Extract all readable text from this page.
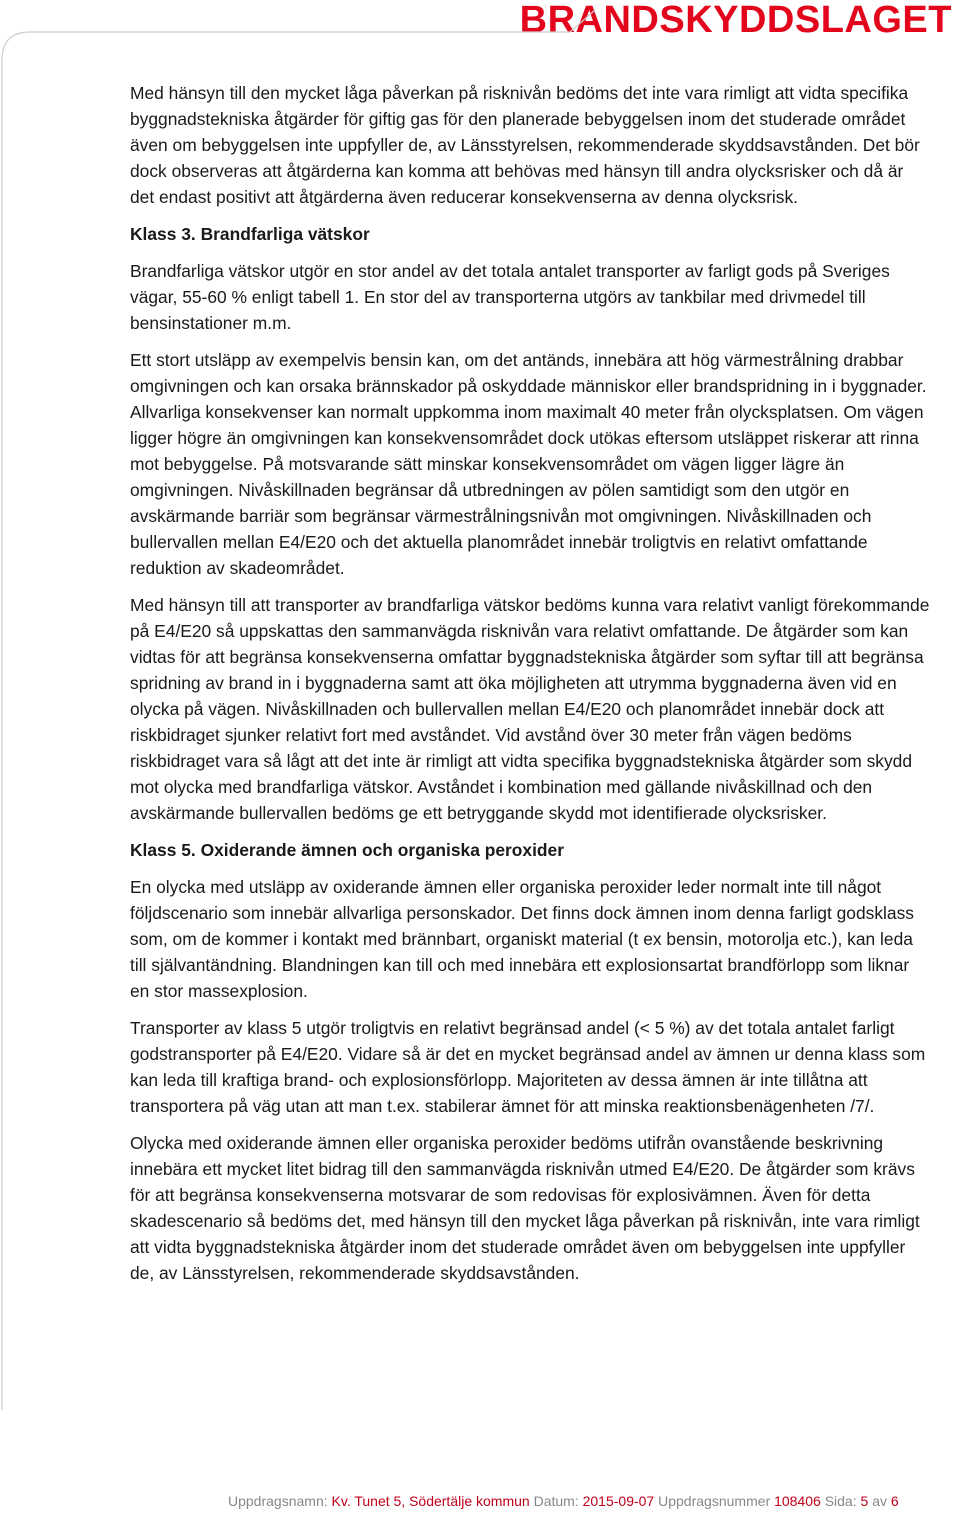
BRANDSKYDDSLAGET

Med hänsyn till den mycket låga påverkan på risknivån bedöms det inte vara rimligt att vidta specifika byggnadstekniska åtgärder för giftig gas för den planerade bebyggelsen inom det studerade området även om bebyggelsen inte uppfyller de, av Länsstyrelsen, rekommenderade skyddsavstånden. Det bör dock observeras att åtgärderna kan komma att behövas med hänsyn till andra olycksrisker och då är det endast positivt att åtgärderna även reducerar konsekvenserna av denna olycksrisk.

Klass 3. Brandfarliga vätskor

Brandfarliga vätskor utgör en stor andel av det totala antalet transporter av farligt gods på Sveriges vägar, 55-60 % enligt tabell 1. En stor del av transporterna utgörs av tankbilar med drivmedel till bensinstationer m.m.

Ett stort utsläpp av exempelvis bensin kan, om det antänds, innebära att hög värmestrålning drabbar omgivningen och kan orsaka brännskador på oskyddade människor eller brandspridning in i byggnader. Allvarliga konsekvenser kan normalt uppkomma inom maximalt 40 meter från olycksplatsen. Om vägen ligger högre än omgivningen kan konsekvensområdet dock utökas eftersom utsläppet riskerar att rinna mot bebyggelse. På motsvarande sätt minskar konsekvensområdet om vägen ligger lägre än omgivningen. Nivåskillnaden begränsar då utbredningen av pölen samtidigt som den utgör en avskärmande barriär som begränsar värmestrålningsnivån mot omgivningen. Nivåskillnaden och bullervallen mellan E4/E20 och det aktuella planområdet innebär troligtvis en relativt omfattande reduktion av skadeområdet.

Med hänsyn till att transporter av brandfarliga vätskor bedöms kunna vara relativt vanligt förekommande på E4/E20 så uppskattas den sammanvägda risknivån vara relativt omfattande. De åtgärder som kan vidtas för att begränsa konsekvenserna omfattar byggnadstekniska åtgärder som syftar till att begränsa spridning av brand in i byggnaderna samt att öka möjligheten att utrymma byggnaderna även vid en olycka på vägen. Nivåskillnaden och bullervallen mellan E4/E20 och planområdet innebär dock att riskbidraget sjunker relativt fort med avståndet. Vid avstånd över 30 meter från vägen bedöms riskbidraget vara så lågt att det inte är rimligt att vidta specifika byggnadstekniska åtgärder som skydd mot olycka med brandfarliga vätskor. Avståndet i kombination med gällande nivåskillnad och den avskärmande bullervallen bedöms ge ett betryggande skydd mot identifierade olycksrisker.

Klass 5. Oxiderande ämnen och organiska peroxider

En olycka med utsläpp av oxiderande ämnen eller organiska peroxider leder normalt inte till något följdscenario som innebär allvarliga personskador. Det finns dock ämnen inom denna farligt godsklass som, om de kommer i kontakt med brännbart, organiskt material (t ex bensin, motorolja etc.), kan leda till självantändning. Blandningen kan till och med innebära ett explosionsartat brandförlopp som liknar en stor massexplosion.

Transporter av klass 5 utgör troligtvis en relativt begränsad andel (< 5 %) av det totala antalet farligt godstransporter på E4/E20. Vidare så är det en mycket begränsad andel av ämnen ur denna klass som kan leda till kraftiga brand- och explosionsförlopp. Majoriteten av dessa ämnen är inte tillåtna att transportera på väg utan att man t.ex. stabilerar ämnet för att minska reaktionsbenägenheten /7/.

Olycka med oxiderande ämnen eller organiska peroxider bedöms utifrån ovanstående beskrivning innebära ett mycket litet bidrag till den sammanvägda risknivån utmed E4/E20. De åtgärder som krävs för att begränsa konsekvenserna motsvarar de som redovisas för explosivämnen. Även för detta skadescenario så bedöms det, med hänsyn till den mycket låga påverkan på risknivån, inte vara rimligt att vidta byggnadstekniska åtgärder inom det studerade området även om bebyggelsen inte uppfyller de, av Länsstyrelsen, rekommenderade skyddsavstånden.

Uppdragsnamn: Kv. Tunet 5, Södertälje kommun Datum: 2015-09-07 Uppdragsnummer 108406 Sida: 5 av 6
